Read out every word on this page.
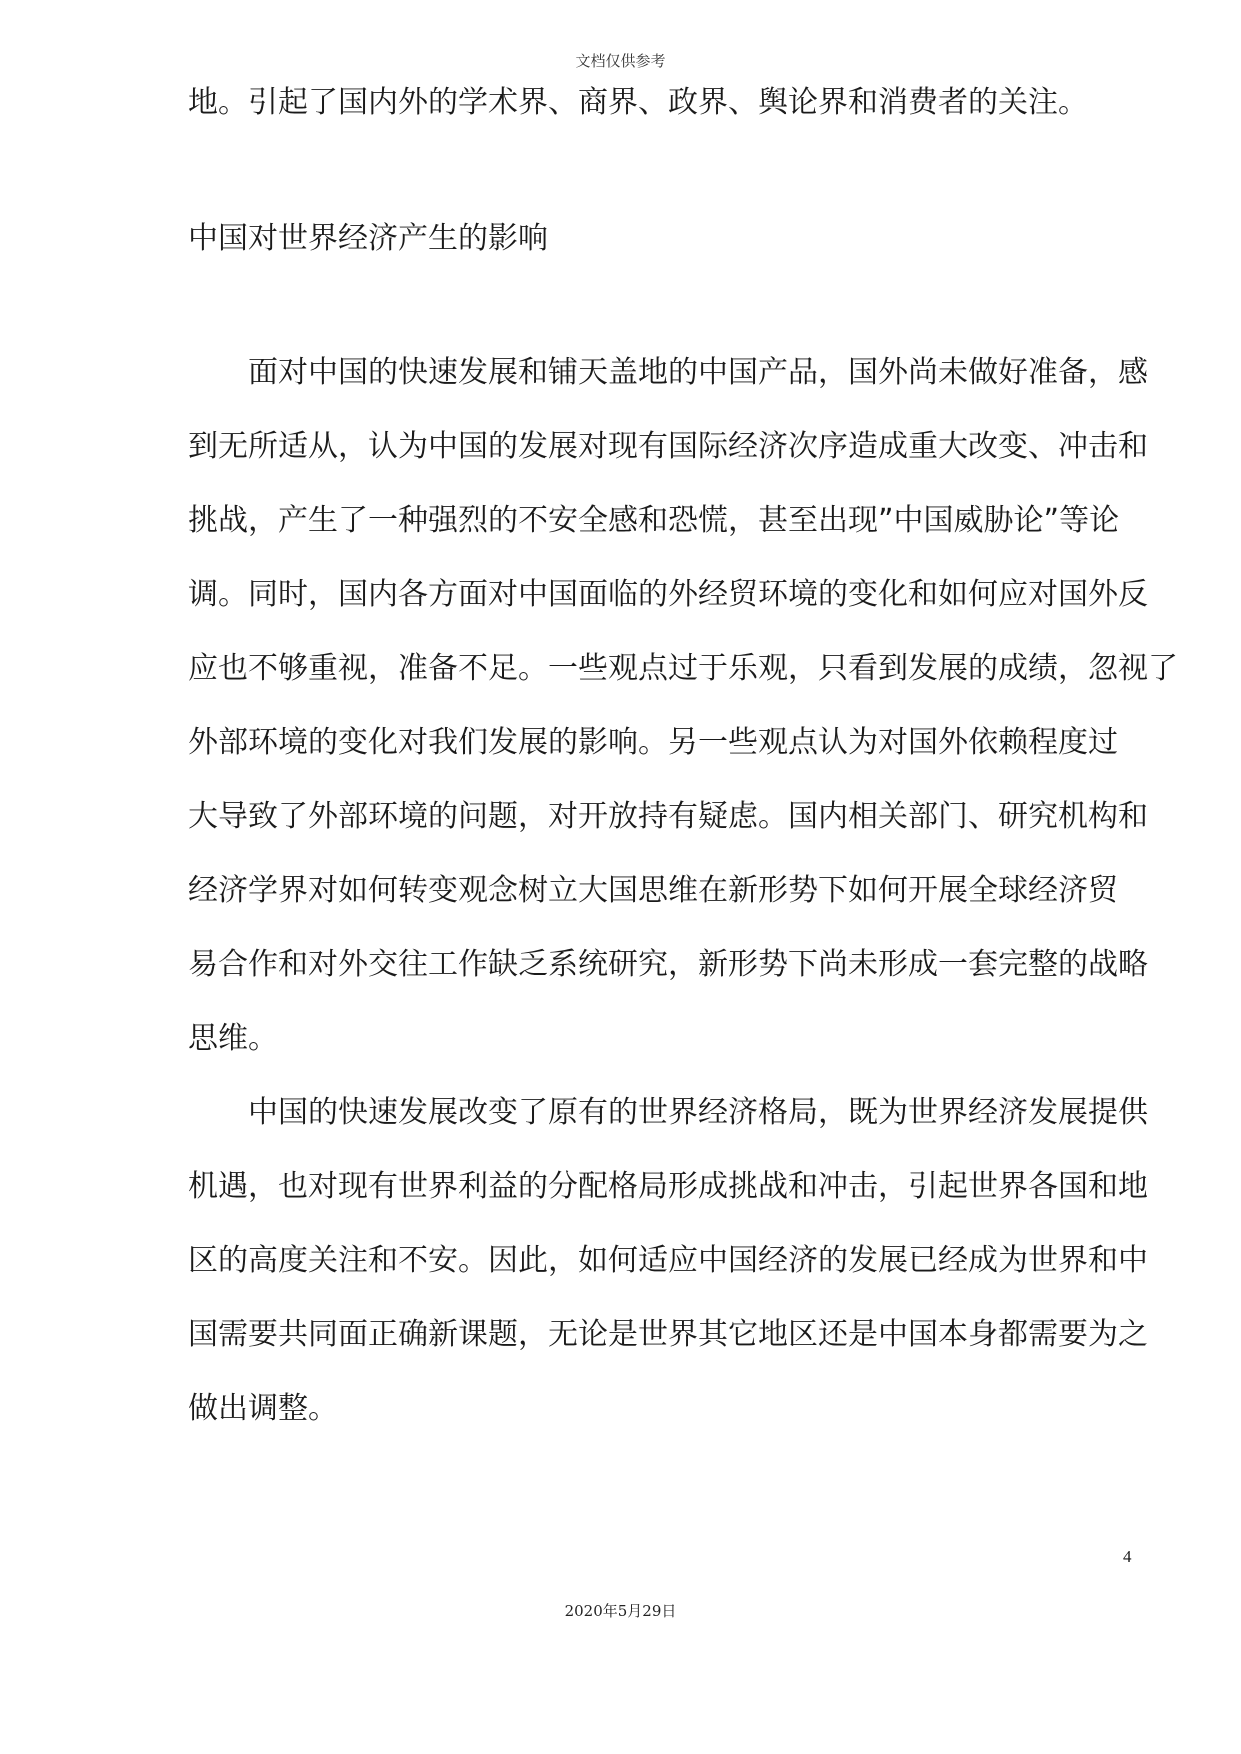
文档仅供参考
地。引起了国内外的学术界、商界、政界、舆论界和消费者的关注。
中国对世界经济产生的影响
面对中国的快速发展和铺天盖地的中国产品，国外尚未做好准备，感
到无所适从，认为中国的发展对现有国际经济次序造成重大改变、冲击和
挑战，产生了一种强烈的不安全感和恐慌，甚至出现”中国威胁论”等论
调。同时，国内各方面对中国面临的外经贸环境的变化和如何应对国外反
应也不够重视，准备不足。一些观点过于乐观，只看到发展的成绩，忽视了
外部环境的变化对我们发展的影响。另一些观点认为对国外依赖程度过
大导致了外部环境的问题，对开放持有疑虑。国内相关部门、研究机构和
经济学界对如何转变观念树立大国思维在新形势下如何开展全球经济贸
易合作和对外交往工作缺乏系统研究，新形势下尚未形成一套完整的战略
思维。
中国的快速发展改变了原有的世界经济格局，既为世界经济发展提供
机遇，也对现有世界利益的分配格局形成挑战和冲击，引起世界各国和地
区的高度关注和不安。因此，如何适应中国经济的发展已经成为世界和中
国需要共同面正确新课题，无论是世界其它地区还是中国本身都需要为之
做出调整。
4
2020年5月29日
